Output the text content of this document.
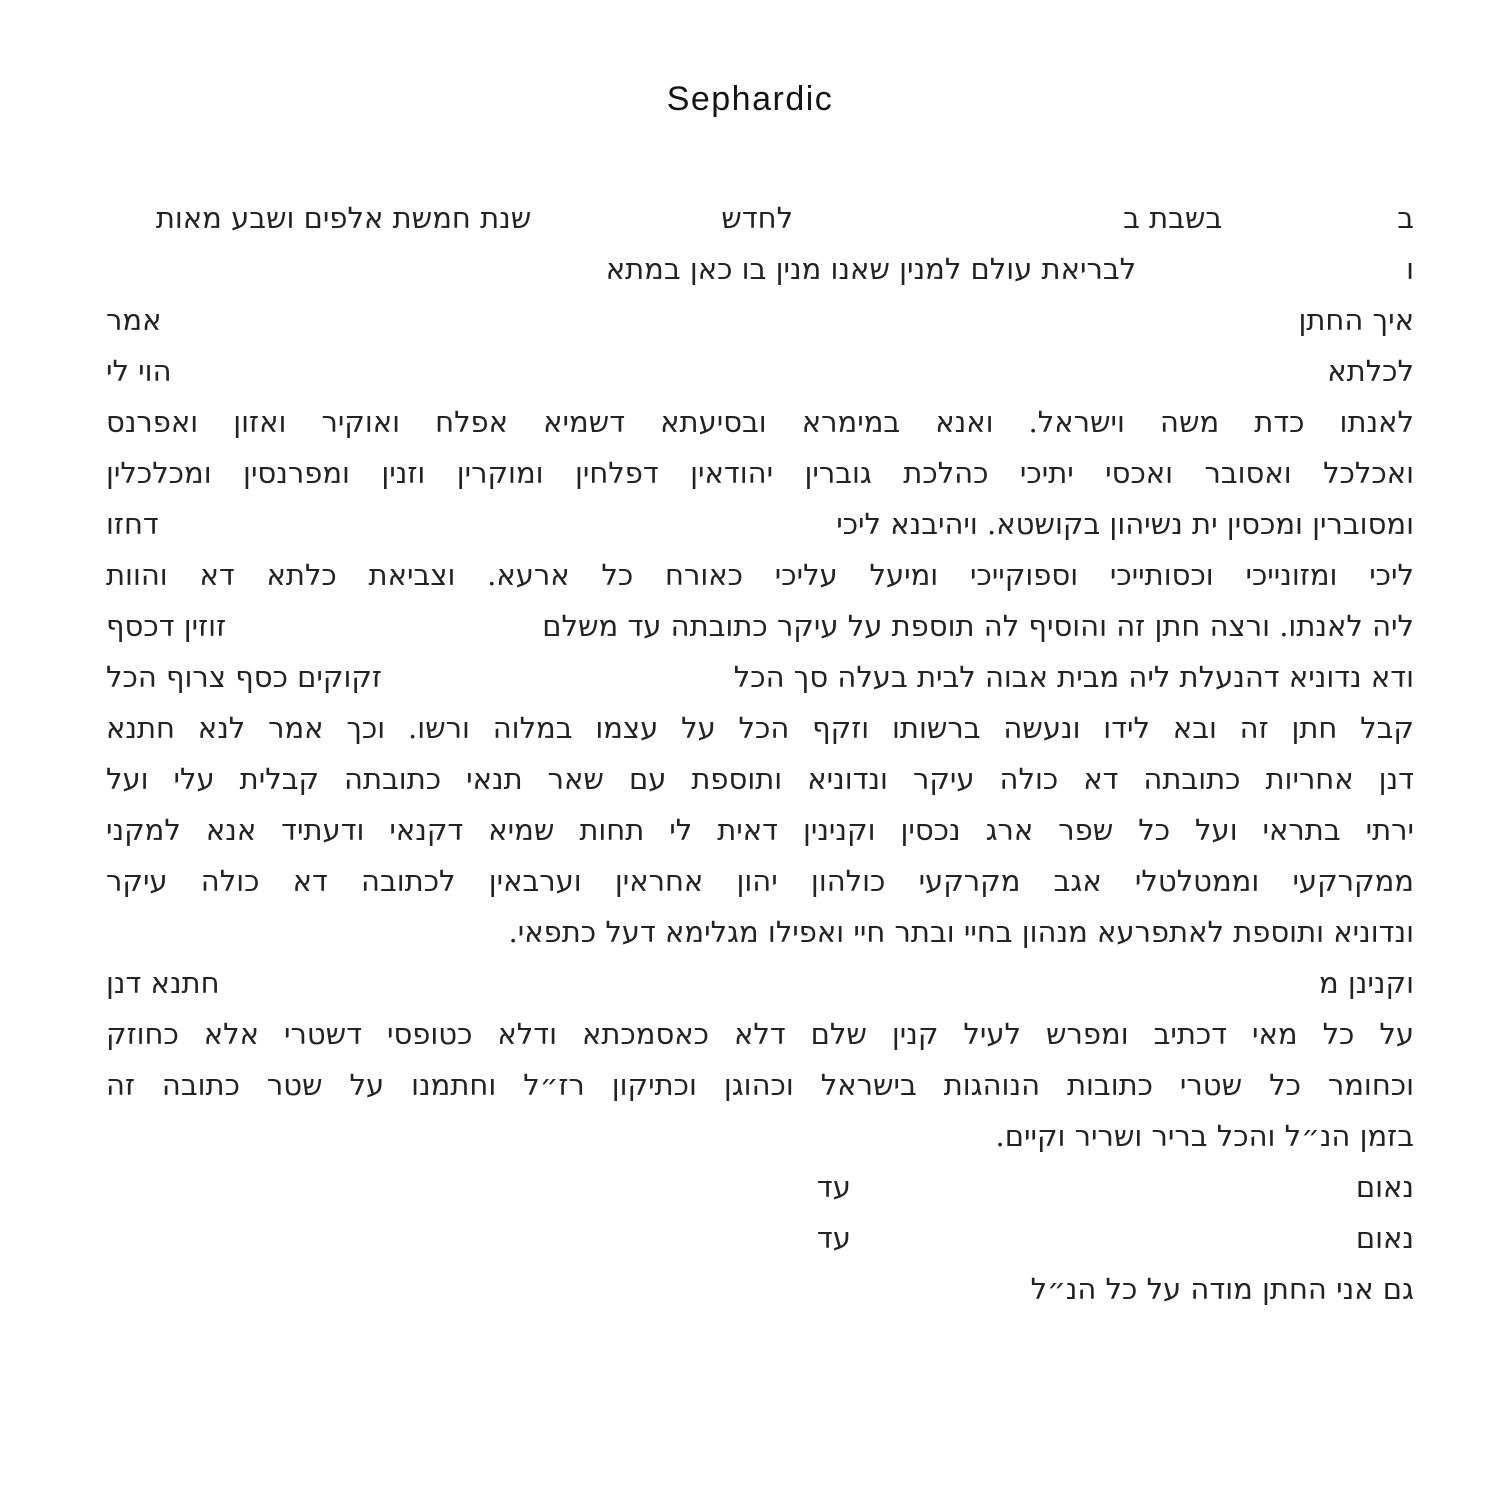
Sephardic
בבשבת בלחדששנת חמשת אלפים ושבע מאות
ולבריאת עולם למנין שאנו מנין בו כאן במתא
איך החתן
אמר
לכלתא
הוי לי
לאנתו כדת משה וישראל. ואנא במימרא ובסיעתא דשמיא אפלח ואוקיר ואזון ואפרנס
ואכלכל ואסובר ואכסי יתיכי כהלכת גוברין יהודאין דפלחין ומוקרין וזנין ומפרנסין ומכלכלין
ומסוברין ומכסין ית נשיהון בקושטא. ויהיבנא ליכי
דחזו
ליכי ומזונייכי וכסותייכי וספוקייכי ומיעל עליכי כאורח כל ארעא. וצביאת כלתא דא והוות
ליה לאנתו. ורצה חתן זה והוסיף לה תוספת על עיקר כתובתה עד משלם
זוזין דכסף
ודא נדוניא דהנעלת ליה מבית אבוה לבית בעלה סך הכל
זקוקים כסף צרוף הכל
קבל חתן זה ובא לידו ונעשה ברשותו וזקף הכל על עצמו במלוה ורשו. וכך אמר לנא חתנא
דנן אחריות כתובתה דא כולה עיקר ונדוניא ותוספת עם שאר תנאי כתובתה קבלית עלי ועל
ירתי בתראי ועל כל שפר ארג נכסין וקנינין דאית לי תחות שמיא דקנאי ודעתיד אנא למקני
ממקרקעי וממטלטלי אגב מקרקעי כולהון יהון אחראין וערבאין לכתובה דא כולה עיקר
ונדוניא ותוספת לאתפרעא מנהון בחיי ובתר חיי ואפילו מגלימא דעל כתפאי.
וקנינן מ
חתנא דנן
על כל מאי דכתיב ומפרש לעיל קנין שלם דלא כאסמכתא ודלא כטופסי דשטרי אלא כחוזק
וכחומר כל שטרי כתובות הנוהגות בישראל וכהוגן וכתיקון רז״ל וחתמנו על שטר כתובה זה
בזמן הנ״ל והכל בריר ושריר וקיים.
נאוםעד
נאוםעד
גם אני החתן מודה על כל הנ״ל
